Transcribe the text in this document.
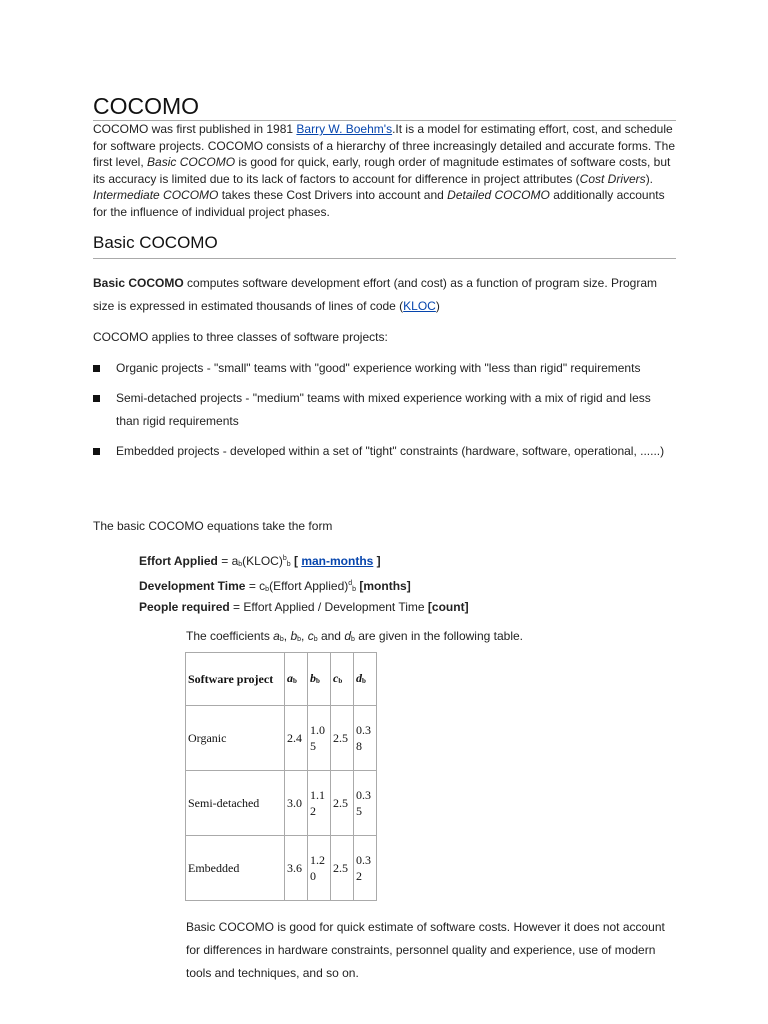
COCOMO
COCOMO was first published in 1981 Barry W. Boehm's.It is a model for estimating effort, cost, and schedule for software projects. COCOMO consists of a hierarchy of three increasingly detailed and accurate forms. The first level, Basic COCOMO is good for quick, early, rough order of magnitude estimates of software costs, but its accuracy is limited due to its lack of factors to account for difference in project attributes (Cost Drivers). Intermediate COCOMO takes these Cost Drivers into account and Detailed COCOMO additionally accounts for the influence of individual project phases.
Basic COCOMO
Basic COCOMO computes software development effort (and cost) as a function of program size. Program size is expressed in estimated thousands of lines of code (KLOC)
COCOMO applies to three classes of software projects:
Organic projects - "small" teams with "good" experience working with "less than rigid" requirements
Semi-detached projects - "medium" teams with mixed experience working with a mix of rigid and less than rigid requirements
Embedded projects - developed within a set of "tight" constraints (hardware, software, operational, ......)
The basic COCOMO equations take the form
Effort Applied = $a_b(KLOC)^b_b$ [ man-months ]
Development Time = $c_b(Effort$ Applied)$^d_b$ [months]
People required = Effort Applied / Development Time [count]
The coefficients $a_b$, $b_b$, $c_b$ and $d_b$ are given in the following table.
Software project	$a_b$	$b_b$	$c_b$	$d_b$
Organic	2.4	1.05	2.5	0.38
Semi-detached	3.0	1.12	2.5	0.35
Embedded	3.6	1.20	2.5	0.32
Basic COCOMO is good for quick estimate of software costs. However it does not account for differences in hardware constraints, personnel quality and experience, use of modern tools and techniques, and so on.
